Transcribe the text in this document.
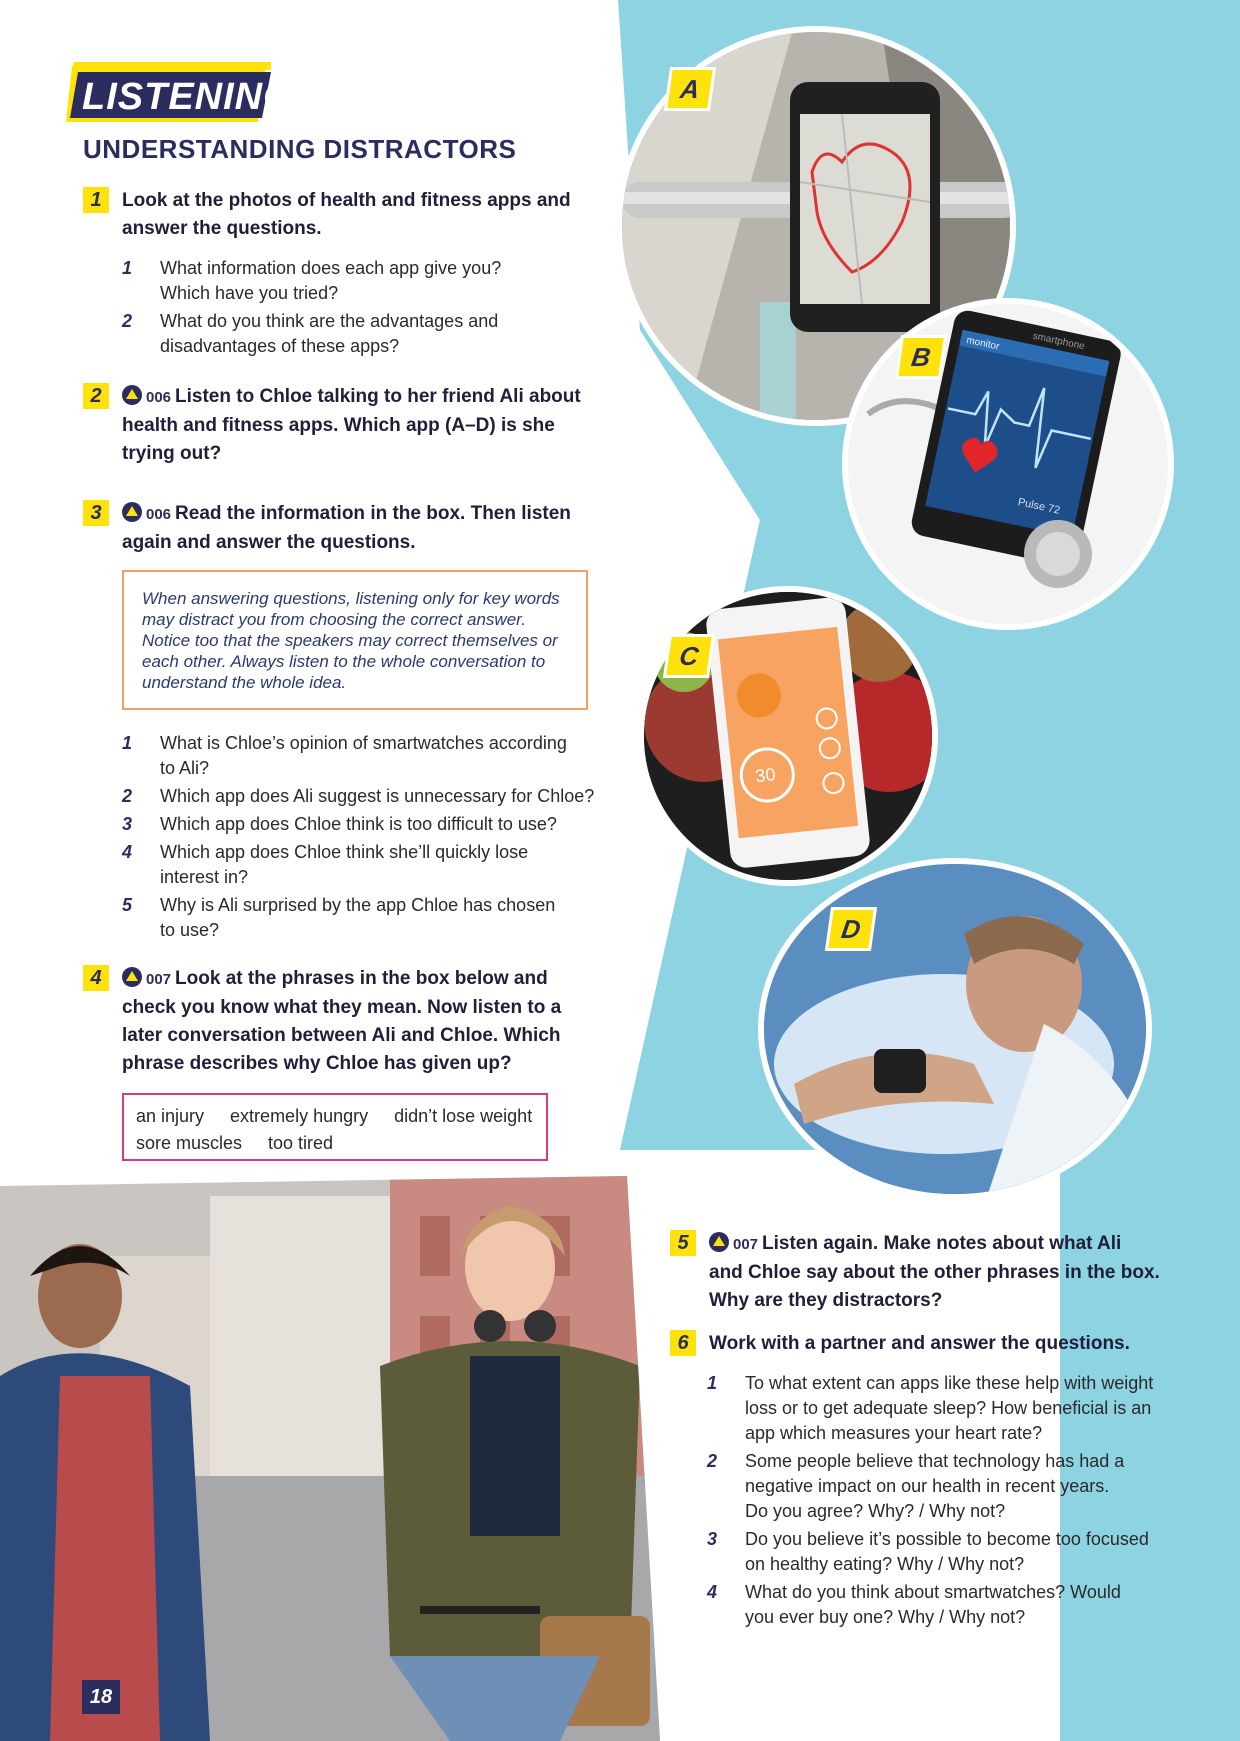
LISTENING
UNDERSTANDING DISTRACTORS
1	Look at the photos of health and fitness apps and
answer the questions.
1 What information does each app give you?
Which have you tried?
2 What do you think are the advantages and
disadvantages of these apps?
2	006 Listen to Chloe talking to her friend Ali about
health and fitness apps. Which app (A–D) is she
trying out?
3	006 Read the information in the box. Then listen
again and answer the questions.
When answering questions, listening only for key words
may distract you from choosing the correct answer.
Notice too that the speakers may correct themselves or
each other. Always listen to the whole conversation to
understand the whole idea.
1 What is Chloe’s opinion of smartwatches according
to Ali?
2 Which app does Ali suggest is unnecessary for Chloe?
3 Which app does Chloe think is too difficult to use?
4 Which app does Chloe think she’ll quickly lose
interest in?
5 Why is Ali surprised by the app Chloe has chosen
to use?
4	007 Look at the phrases in the box below and
check you know what they mean. Now listen to a
later conversation between Ali and Chloe. Which
phrase describes why Chloe has given up?
an injury extremely hungry didn’t lose weight
sore muscles too tired
A
Pulse 72
monitor	smartphone
B
30
C
D
18
5	007 Listen again. Make notes about what Ali
and Chloe say about the other phrases in the box.
Why are they distractors?
6	Work with a partner and answer the questions.
1 To what extent can apps like these help with weight
loss or to get adequate sleep? How beneficial is an
app which measures your heart rate?
2 Some people believe that technology has had a
negative impact on our health in recent years.
Do you agree? Why? / Why not?
3 Do you believe it’s possible to become too focused
on healthy eating? Why / Why not?
4 What do you think about smartwatches? Would
you ever buy one? Why / Why not?
